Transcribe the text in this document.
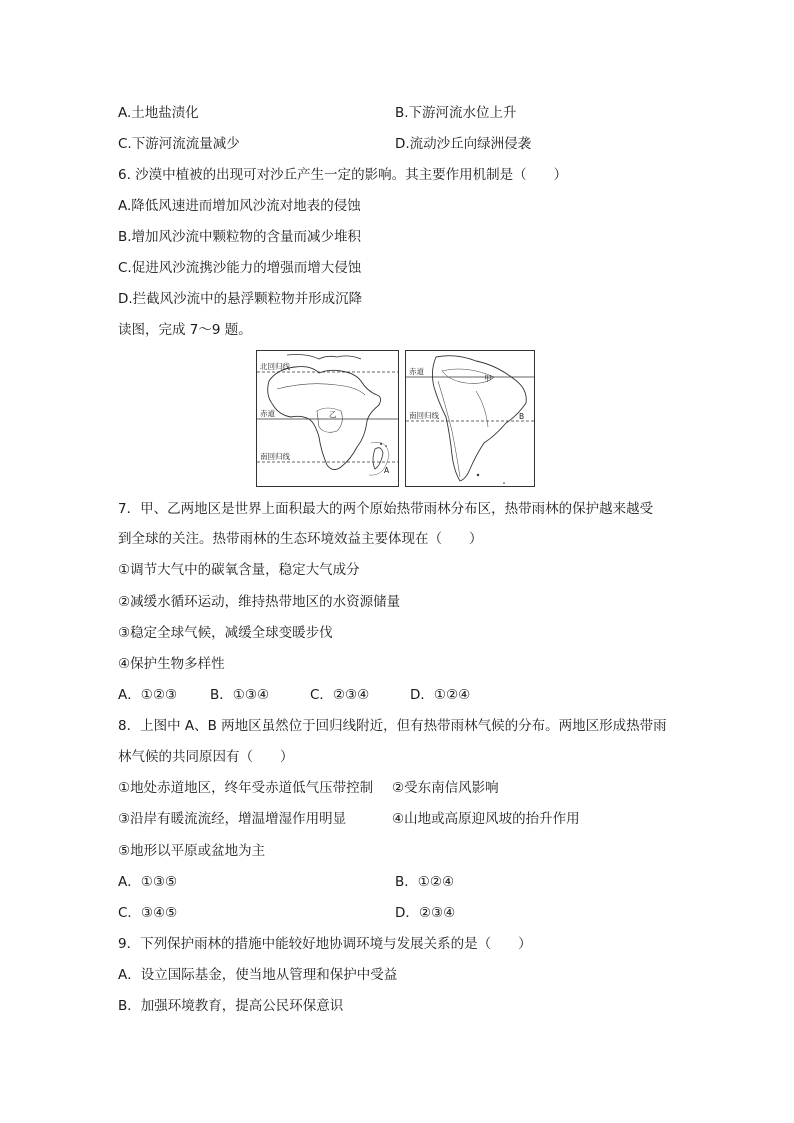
A.土地盐渍化	B.下游河流水位上升
C.下游河流流量减少	D.流动沙丘向绿洲侵袭
6. 沙漠中植被的出现可对沙丘产生一定的影响。其主要作用机制是（　　）
A.降低风速进而增加风沙流对地表的侵蚀
B.增加风沙流中颗粒物的含量而减少堆积
C.促进风沙流携沙能力的增强而增大侵蚀
D.拦截风沙流中的悬浮颗粒物并形成沉降
读图，完成 7～9 题。
北回归线
赤道
南回归线
乙
A
赤道
南回归线
甲
B
7．甲、乙两地区是世界上面积最大的两个原始热带雨林分布区，热带雨林的保护越来越受
到全球的关注。热带雨林的生态环境效益主要体现在（　　）
①调节大气中的碳氧含量，稳定大气成分
②减缓水循环运动，维持热带地区的水资源储量
③稳定全球气候，减缓全球变暖步伐
④保护生物多样性
A．①②③ B．①③④	C．②③④	D．①②④
8．上图中 A、B 两地区虽然位于回归线附近，但有热带雨林气候的分布。两地区形成热带雨
林气候的共同原因有（　　）
①地处赤道地区，终年受赤道低气压带控制 ②受东南信风影响
③沿岸有暖流流经，增温增湿作用明显	④山地或高原迎风坡的抬升作用
⑤地形以平原或盆地为主
A．①③⑤	B．①②④
C．③④⑤	D．②③④
9．下列保护雨林的措施中能较好地协调环境与发展关系的是（　　）
A．设立国际基金，使当地从管理和保护中受益
B．加强环境教育，提高公民环保意识
